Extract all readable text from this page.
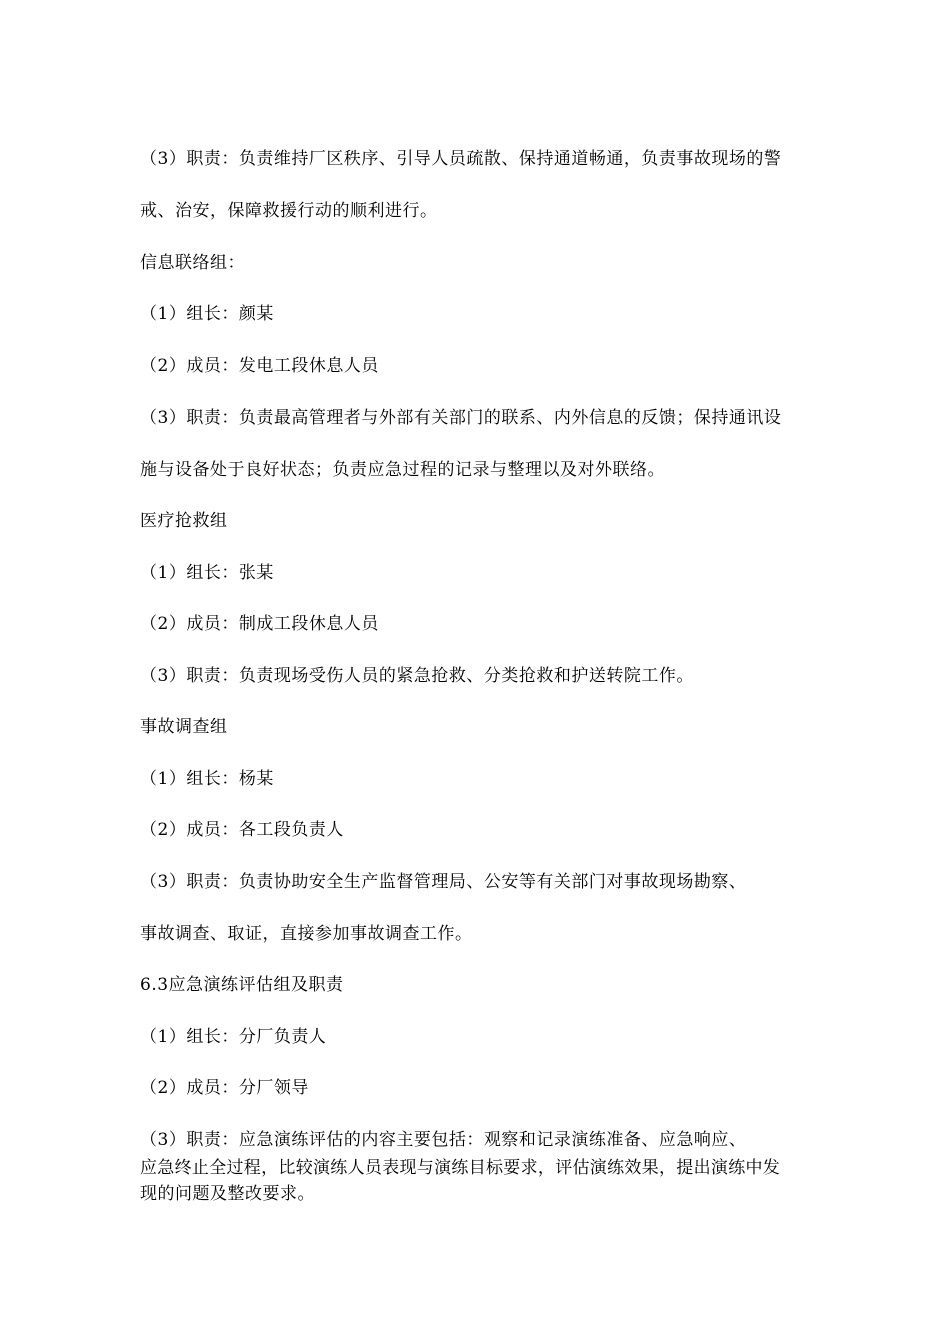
（3）职责：负责维持厂区秩序、引导人员疏散、保持通道畅通，负责事故现场的警
戒、治安，保障救援行动的顺利进行。
信息联络组：
（1）组长：颜某
（2）成员：发电工段休息人员
（3）职责：负责最高管理者与外部有关部门的联系、内外信息的反馈；保持通讯设
施与设备处于良好状态；负责应急过程的记录与整理以及对外联络。
医疗抢救组
（1）组长：张某
（2）成员：制成工段休息人员
（3）职责：负责现场受伤人员的紧急抢救、分类抢救和护送转院工作。
事故调查组
（1）组长：杨某
（2）成员：各工段负责人
（3）职责：负责协助安全生产监督管理局、公安等有关部门对事故现场勘察、
事故调查、取证，直接参加事故调查工作。
6.3应急演练评估组及职责
（1）组长：分厂负责人
（2）成员：分厂领导
（3）职责：应急演练评估的内容主要包括：观察和记录演练准备、应急响应、
应急终止全过程，比较演练人员表现与演练目标要求，评估演练效果，提出演练中发
现的问题及整改要求。
